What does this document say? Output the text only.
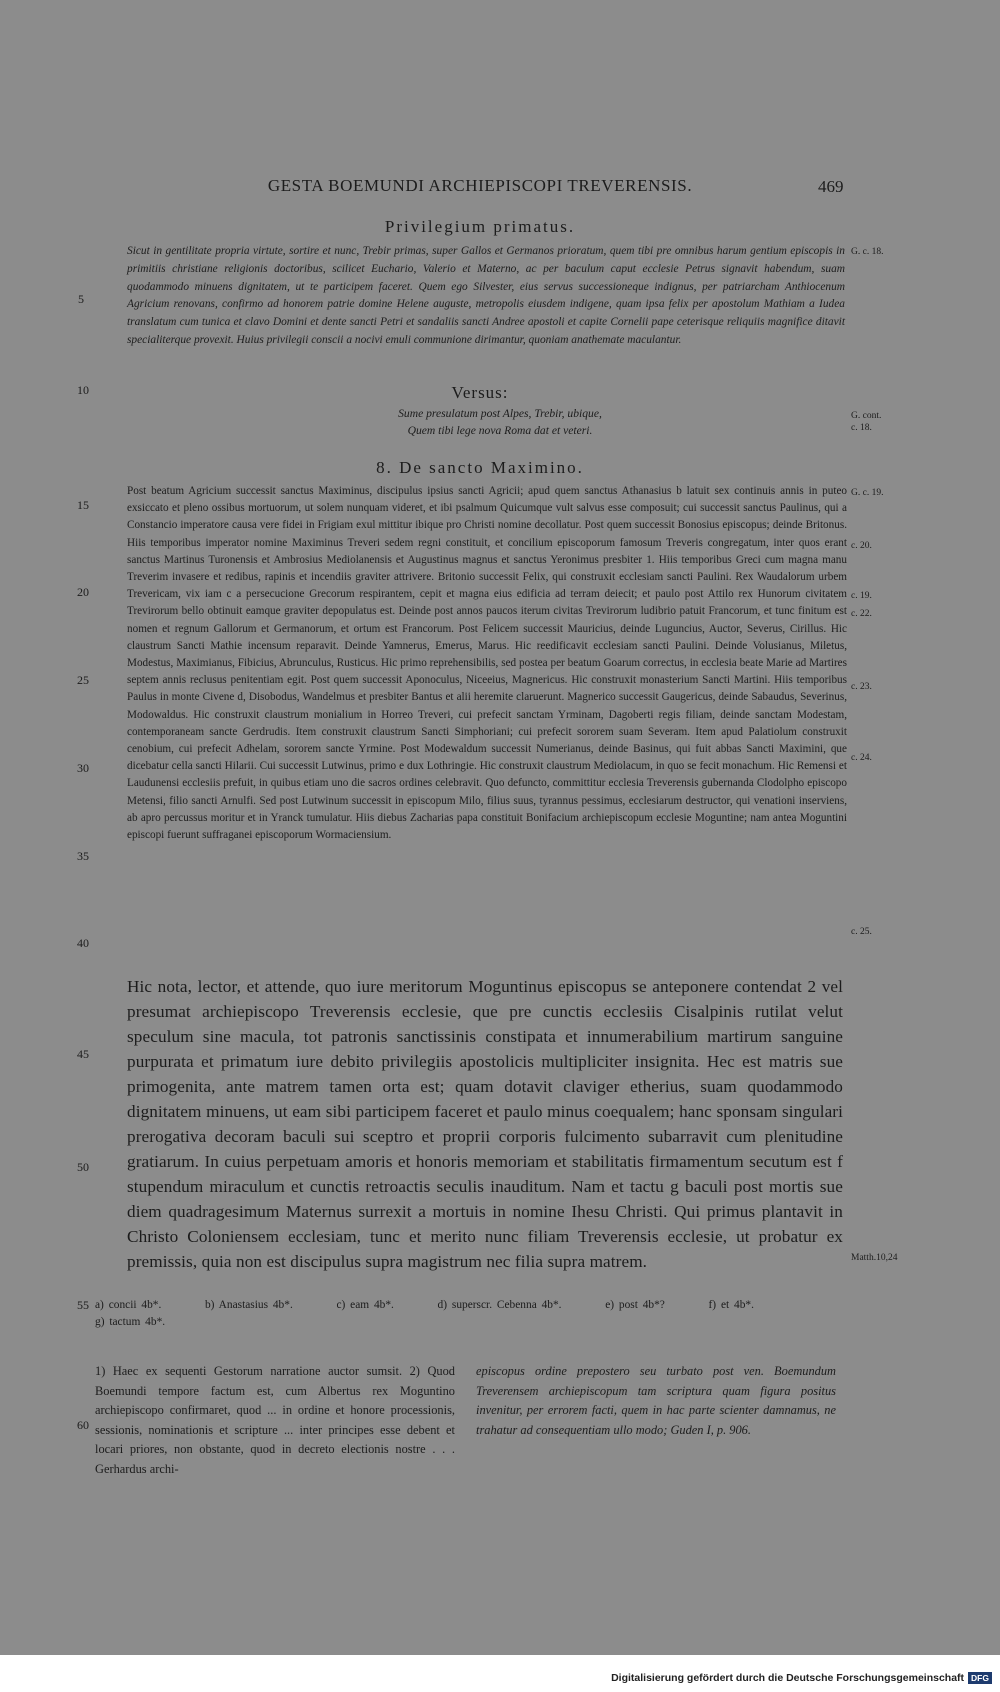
GESTA BOEMUNDI ARCHIEPISCOPI TREVERENSIS.	469
Privilegium primatus.
Sicut in gentilitate propria virtute, sortire et nunc, Trebir primas, super Gallos et Germanos prioratum, quem tibi pre omnibus harum gentium episcopis in primitiis christiane religionis doctoribus, scilicet Euchario, Valerio et Materno, ac per baculum caput ecclesie Petrus signavit habendum, suam quodammodo minuens dignitatem, ut te participem faceret. Quem ego Silvester, eius servus successioneque indignus, per patriarcham Anthiocenum Agricium renovans, confirmo ad honorem patrie domine Helene auguste, metropolis eiusdem indigene, quam ipsa felix per apostolum Mathiam a Iudea translatum cum tunica et clavo Domini et dente sancti Petri et sandaliis sancti Andree apostoli et capite Cornelii pape ceterisque reliquiis magnifice ditavit specialiterque provexit. Huius privilegii conscii a nocivi emuli communione dirimantur, quoniam anathemate maculantur.
G. c. 18.
Versus:
Sume presulatum post Alpes, Trebir, ubique,
Quem tibi lege nova Roma dat et veteri.
G. cont.
c. 18.
8. De sancto Maximino.
Post beatum Agricium successit sanctus Maximinus, discipulus ipsius sancti Agricii; apud quem sanctus Athanasius b latuit sex continuis annis in puteo exsiccato et pleno ossibus mortuorum, ut solem nunquam videret, et ibi psalmum Quicumque vult salvus esse composuit; cui successit sanctus Paulinus, qui a Constancio imperatore causa vere fidei in Frigiam exul mittitur ibique pro Christi nomine decollatur. Post quem successit Bonosius episcopus; deinde Britonus. Hiis temporibus imperator nomine Maximinus Treveri sedem regni constituit, et concilium episcoporum famosum Treveris congregatum, inter quos erant sanctus Martinus Turonensis et Ambrosius Mediolanensis et Augustinus magnus et sanctus Yeronimus presbiter 1. Hiis temporibus Greci cum magna manu Treverim invasere et redibus, rapinis et incendiis graviter attrivere. Britonio successit Felix, qui construxit ecclesiam sancti Paulini. Rex Waudalorum urbem Trevericam, vix iam c a persecucione Grecorum respirantem, cepit et magna eius edificia ad terram deiecit; et paulo post Attilo rex Hunorum civitatem Trevirorum bello obtinuit eamque graviter depopulatus est. Deinde post annos paucos iterum civitas Trevirorum ludibrio patuit Francorum, et tunc finitum est nomen et regnum Gallorum et Germanorum, et ortum est Francorum. Post Felicem successit Mauricius, deinde Luguncius, Auctor, Severus, Cirillus. Hic claustrum Sancti Mathie incensum reparavit. Deinde Yamnerus, Emerus, Marus. Hic reedificavit ecclesiam sancti Paulini. Deinde Volusianus, Miletus, Modestus, Maximianus, Fibicius, Abrunculus, Rusticus. Hic primo reprehensibilis, sed postea per beatum Goarum correctus, in ecclesia beate Marie ad Martires septem annis reclusus penitentiam egit. Post quem successit Aponoculus, Niceeius, Magnericus. Hic construxit monasterium Sancti Martini. Hiis temporibus Paulus in monte Civene d, Disobodus, Wandelmus et presbiter Bantus et alii heremite claruerunt. Magnerico successit Gaugericus, deinde Sabaudus, Severinus, Modowaldus. Hic construxit claustrum monialium in Horreo Treveri, cui prefecit sanctam Yrminam, Dagoberti regis filiam, deinde sanctam Modestam, contemporaneam sancte Gerdrudis. Item construxit claustrum Sancti Simphoriani; cui prefecit sororem suam Severam. Item apud Palatiolum construxit cenobium, cui prefecit Adhelam, sororem sancte Yrmine. Post Modewaldum successit Numerianus, deinde Basinus, qui fuit abbas Sancti Maximini, que dicebatur cella sancti Hilarii. Cui successit Lutwinus, primo e dux Lothringie. Hic construxit claustrum Mediolacum, in quo se fecit monachum. Hic Remensi et Laudunensi ecclesiis prefuit, in quibus etiam uno die sacros ordines celebravit. Quo defuncto, committitur ecclesia Treverensis gubernanda Clodolpho episcopo Metensi, filio sancti Arnulfi. Sed post Lutwinum successit in episcopum Milo, filius suus, tyrannus pessimus, ecclesiarum destructor, qui venationi inserviens, ab apro percussus moritur et in Yranck tumulatur. Hiis diebus Zacharias papa constituit Bonifacium archiepiscopum ecclesie Moguntine; nam antea Moguntini episcopi fuerunt suffraganei episcoporum Wormaciensium.
G. c. 19.
c. 20.
c. 19.
c. 22.
c. 23.
c. 24.
c. 25.
Hic nota, lector, et attende, quo iure meritorum Moguntinus episcopus se anteponere contendat 2 vel presumat archiepiscopo Treverensis ecclesie, que pre cunctis ecclesiis Cisalpinis rutilat velut speculum sine macula, tot patronis sanctissinis constipata et innumerabilium martirum sanguine purpurata et primatum iure debito privilegiis apostolicis multipliciter insignita. Hec est matris sue primogenita, ante matrem tamen orta est; quam dotavit claviger etherius, suam quodammodo dignitatem minuens, ut eam sibi participem faceret et paulo minus coequalem; hanc sponsam singulari prerogativa decoram baculi sui sceptro et proprii corporis fulcimento subarravit cum plenitudine gratiarum. In cuius perpetuam amoris et honoris memoriam et stabilitatis firmamentum secutum est f stupendum miraculum et cunctis retroactis seculis inauditum. Nam et tactu g baculi post mortis sue diem quadragesimum Maternus surrexit a mortuis in nomine Ihesu Christi. Qui primus plantavit in Christo Coloniensem ecclesiam, tunc et merito nunc filiam Treverensis ecclesie, ut probatur ex premissis, quia non est discipulus supra magistrum nec filia supra matrem.	Matth.10,24
5
10
15
20
25
30
35
40
45
50
55
60
a) concii 4b*.	b) Anastasius 4b*.	c) eam 4b*.	d) superscr. Cebenna 4b*.	e) post 4b*?	f) et 4b*.
g) tactum 4b*.
1) Haec ex sequenti Gestorum narratione auctor sumsit. 2) Quod Boemundi tempore factum est, cum Albertus rex Moguntino archiepiscopo confirmaret, quod ... in ordine et honore processionis, sessionis, nominationis et scripture ... inter principes esse debent et locari priores, non obstante, quod in decreto electionis nostre . . . Gerhardus archi-
episcopus ordine prepostero seu turbato post ven. Boemundum Treverensem archiepiscopum tam scriptura quam figura positus invenitur, per errorem facti, quem in hac parte scienter damnamus, ne trahatur ad consequentiam ullo modo; Guden I, p. 906.
Digitalisierung gefördert durch die Deutsche Forschungsgemeinschaft DFG
